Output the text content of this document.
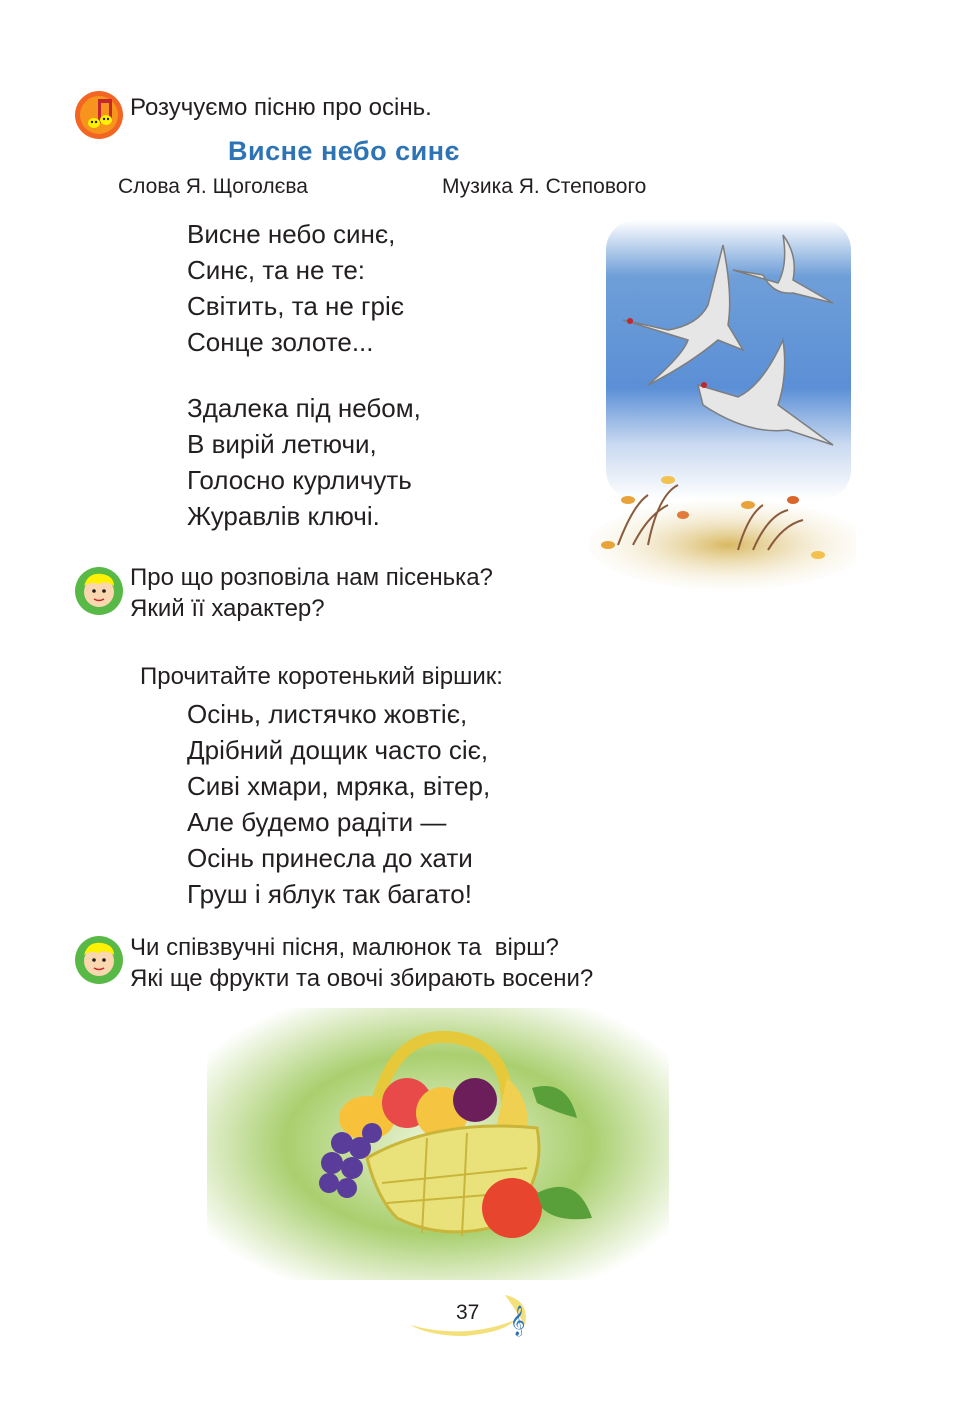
Розучуємо пісню про осінь.
Висне небо синє
Слова Я. Щоголєва	Музика Я. Степового
Висне небо синє,
Синє, та не те:
Світить, та не гріє
Сонце золоте...
Здалека під небом,
В вирій летючи,
Голосно курличуть
Журавлів ключі.
Про що розповіла нам пісенька?
Який її характер?
Прочитайте коротенький віршик:
Осінь, листячко жовтіє,
Дрібний дощик часто сіє,
Сиві хмари, мряка, вітер,
Але будемо радіти —
Осінь принесла до хати
Груш і яблук так багато!
Чи співзвучні пісня, малюнок та  вірш?
Які ще фрукти та овочі збирають восени?
𝄞
37
